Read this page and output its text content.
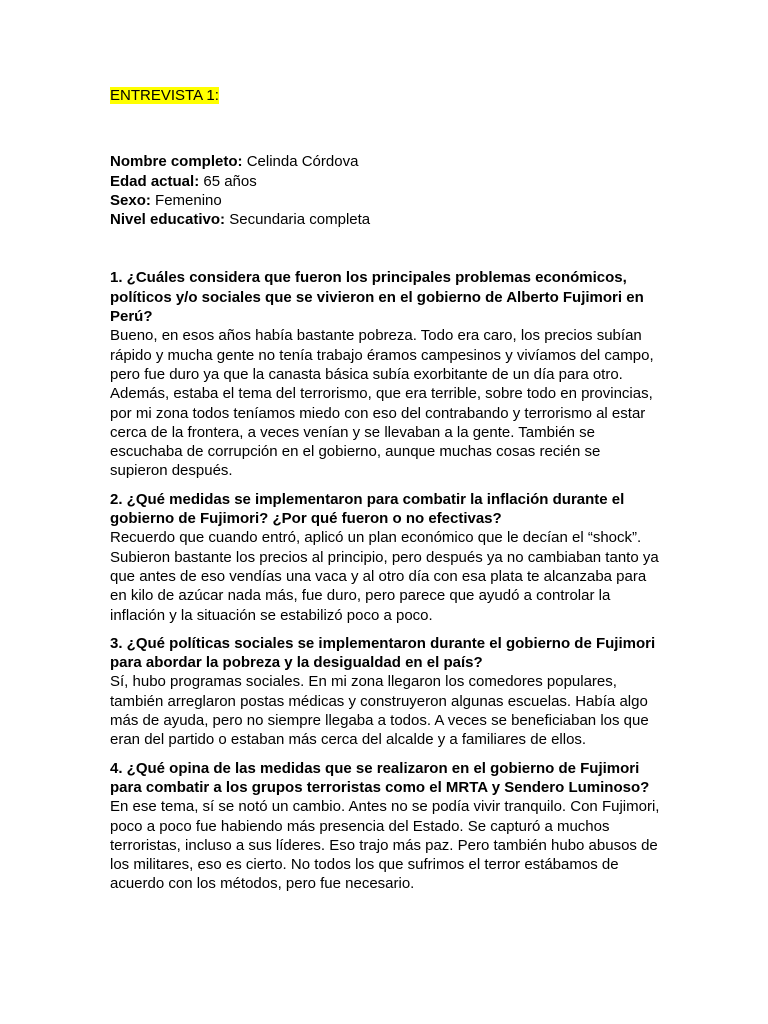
ENTREVISTA 1:

Nombre completo: Celinda Córdova

Edad actual: 65 años

Sexo: Femenino

Nivel educativo: Secundaria completa

1. ¿Cuáles considera que fueron los principales problemas económicos, políticos y/o sociales que se vivieron en el gobierno de Alberto Fujimori en Perú?

Bueno, en esos años había bastante pobreza. Todo era caro, los precios subían rápido y mucha gente no tenía trabajo éramos campesinos y vivíamos del campo, pero fue duro ya que la canasta básica subía exorbitante de un día para otro. Además, estaba el tema del terrorismo, que era terrible, sobre todo en provincias, por mi zona todos teníamos miedo con eso del contrabando y terrorismo al estar cerca de la frontera, a veces venían y se llevaban a la gente. También se escuchaba de corrupción en el gobierno, aunque muchas cosas recién se supieron después.

2. ¿Qué medidas se implementaron para combatir la inflación durante el gobierno de Fujimori? ¿Por qué fueron o no efectivas?

Recuerdo que cuando entró, aplicó un plan económico que le decían el “shock”. Subieron bastante los precios al principio, pero después ya no cambiaban tanto ya que antes de eso vendías una vaca y al otro día con esa plata te alcanzaba para en kilo de azúcar nada más, fue duro, pero parece que ayudó a controlar la inflación y la situación se estabilizó poco a poco.

3. ¿Qué políticas sociales se implementaron durante el gobierno de Fujimori para abordar la pobreza y la desigualdad en el país?

Sí, hubo programas sociales. En mi zona llegaron los comedores populares, también arreglaron postas médicas y construyeron algunas escuelas. Había algo más de ayuda, pero no siempre llegaba a todos. A veces se beneficiaban los que eran del partido o estaban más cerca del alcalde y a familiares de ellos.

4. ¿Qué opina de las medidas que se realizaron en el gobierno de Fujimori para combatir a los grupos terroristas como el MRTA y Sendero Luminoso?

En ese tema, sí se notó un cambio. Antes no se podía vivir tranquilo. Con Fujimori, poco a poco fue habiendo más presencia del Estado. Se capturó a muchos terroristas, incluso a sus líderes. Eso trajo más paz. Pero también hubo abusos de los militares, eso es cierto. No todos los que sufrimos el terror estábamos de acuerdo con los métodos, pero fue necesario.
